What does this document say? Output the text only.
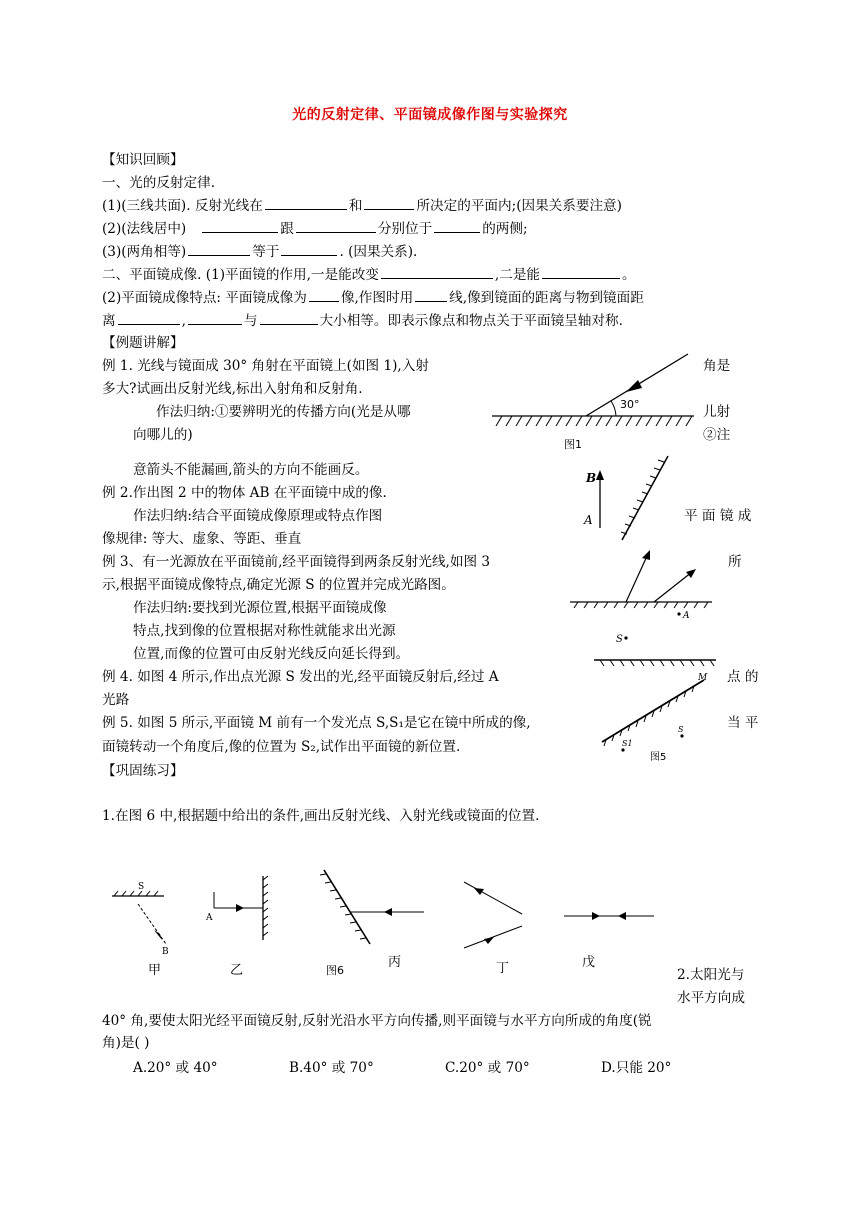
光的反射定律、平面镜成像作图与实验探究
【知识回顾】
一、光的反射定律.
(1)(三线共面). 反射光线在	和	所决定的平面内;(因果关系要注意)
(2)(法线居中)	跟	分别位于	的两侧;
(3)(两角相等)	等于	. (因果关系).
二、平面镜成像. (1)平面镜的作用,一是能改变	,二是能	。
(2)平面镜成像特点: 平面镜成像为	像,作图时用	线,像到镜面的距离与物到镜面距
离	,	与	大小相等。即表示像点和物点关于平面镜呈轴对称.
【例题讲解】
例 1. 光线与镜面成 30° 角射在平面镜上(如图 1),入射	角是
多大?试画出反射光线,标出入射角和反射角.
作法归纳:①要辨明光的传播方向(光是从哪	儿射
向哪儿的)	②注
意箭头不能漏画,箭头的方向不能画反。
例 2.作出图 2 中的物体 AB 在平面镜中成的像.
作法归纳:结合平面镜成像原理或特点作图	平 面 镜 成
像规律: 等大、虚象、等距、垂直
例 3、有一光源放在平面镜前,经平面镜得到两条反射光线,如图 3	所
示,根据平面镜成像特点,确定光源 S 的位置并完成光路图。
作法归纳:要找到光源位置,根据平面镜成像
特点,找到像的位置根据对称性就能求出光源
位置,而像的位置可由反射光线反向延长得到。
例 4. 如图 4 所示,作出点光源 S 发出的光,经平面镜反射后,经过 A	点 的
光路
例 5. 如图 5 所示,平面镜 M 前有一个发光点 S,S₁是它在镜中所成的像,	当 平
面镜转动一个角度后,像的位置为 S₂,试作出平面镜的新位置.
【巩固练习】
1.在图 6 中,根据题中给出的条件,画出反射光线、入射光线或镜面的位置.
2.太阳光与
水平方向成
40° 角,要使太阳光经平面镜反射,反射光沿水平方向传播,则平面镜与水平方向所成的角度(锐
角)是( )
A.20° 或 40°	B.40° 或 70°	C.20° 或 70°	D.只能 20°
30°
图1
B
A
A
S
M
S
S1
图5
S
B
A
甲	乙	图6
丙	丁	戊
